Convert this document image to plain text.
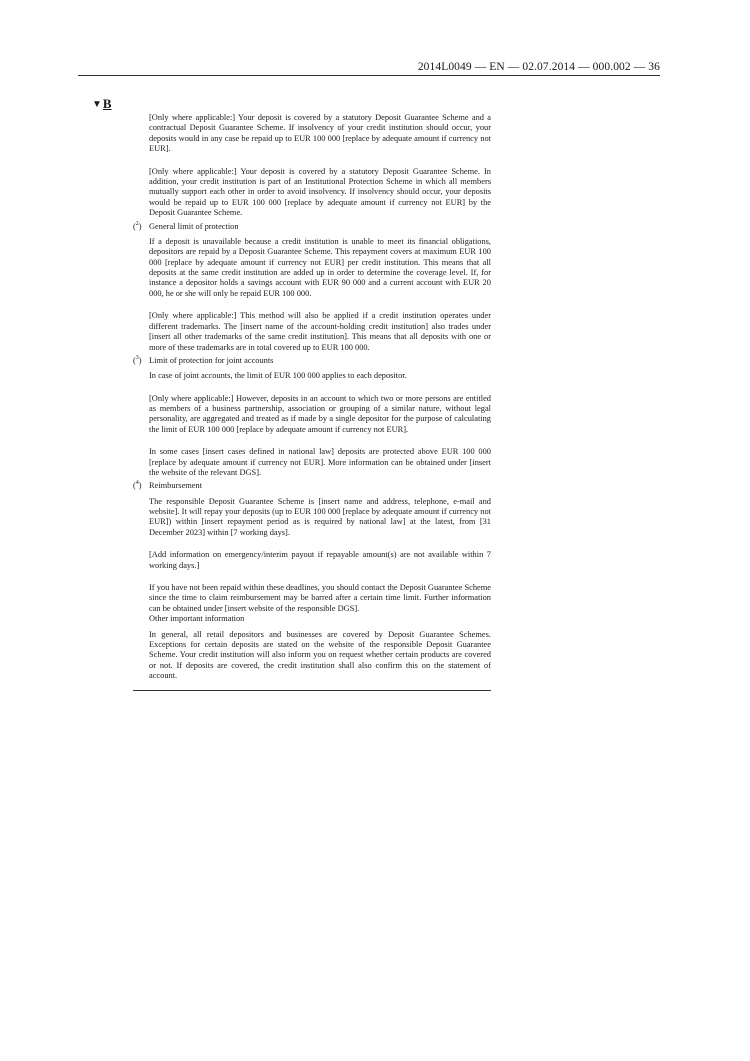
2014L0049 — EN — 02.07.2014 — 000.002 — 36
▼B

[Only where applicable:] Your deposit is covered by a statutory Deposit Guarantee Scheme and a contractual Deposit Guarantee Scheme. If insolvency of your credit institution should occur, your deposits would in any case be repaid up to EUR 100 000 [replace by adequate amount if currency not EUR].

[Only where applicable:] Your deposit is covered by a statutory Deposit Guarantee Scheme. In addition, your credit institution is part of an Institutional Protection Scheme in which all members mutually support each other in order to avoid insolvency. If insolvency should occur, your deposits would be repaid up to EUR 100 000 [replace by adequate amount if currency not EUR] by the Deposit Guarantee Scheme.

($^2$) General limit of protection

If a deposit is unavailable because a credit institution is unable to meet its financial obligations, depositors are repaid by a Deposit Guarantee Scheme. This repayment covers at maximum EUR 100 000 [replace by adequate amount if currency not EUR] per credit institution. This means that all deposits at the same credit institution are added up in order to determine the coverage level. If, for instance a depositor holds a savings account with EUR 90 000 and a current account with EUR 20 000, he or she will only be repaid EUR 100 000.

[Only where applicable:] This method will also be applied if a credit institution operates under different trademarks. The [insert name of the account-holding credit institution] also trades under [insert all other trademarks of the same credit institution]. This means that all deposits with one or more of these trademarks are in total covered up to EUR 100 000.

($^3$) Limit of protection for joint accounts

In case of joint accounts, the limit of EUR 100 000 applies to each depositor.

[Only where applicable:] However, deposits in an account to which two or more persons are entitled as members of a business partnership, association or grouping of a similar nature, without legal personality, are aggregated and treated as if made by a single depositor for the purpose of calculating the limit of EUR 100 000 [replace by adequate amount if currency not EUR].

In some cases [insert cases defined in national law] deposits are protected above EUR 100 000 [replace by adequate amount if currency not EUR]. More information can be obtained under [insert the website of the relevant DGS].

($^4$) Reimbursement

The responsible Deposit Guarantee Scheme is [insert name and address, telephone, e-mail and website]. It will repay your deposits (up to EUR 100 000 [replace by adequate amount if currency not EUR]) within [insert repayment period as is required by national law] at the latest, from [31 December 2023] within [7 working days].

[Add information on emergency/interim payout if repayable amount(s) are not available within 7 working days.]

If you have not been repaid within these deadlines, you should contact the Deposit Guarantee Scheme since the time to claim reimbursement may be barred after a certain time limit. Further information can be obtained under [insert website of the responsible DGS].

Other important information

In general, all retail depositors and businesses are covered by Deposit Guarantee Schemes. Exceptions for certain deposits are stated on the website of the responsible Deposit Guarantee Scheme. Your credit institution will also inform you on request whether certain products are covered or not. If deposits are covered, the credit institution shall also confirm this on the statement of account.
